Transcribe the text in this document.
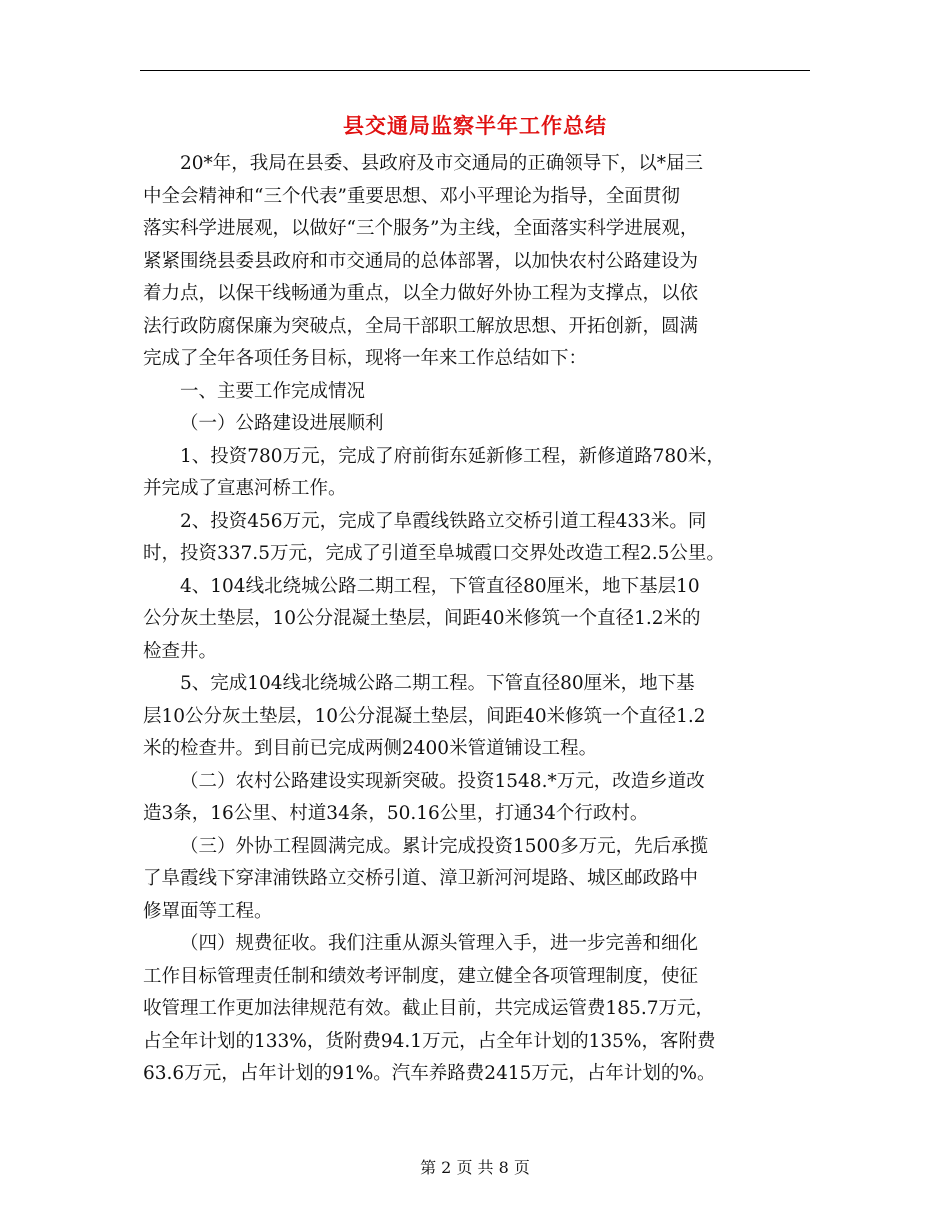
县交通局监察半年工作总结
20*年，我局在县委、县政府及市交通局的正确领导下，以*届三
中全会精神和“三个代表”重要思想、邓小平理论为指导，全面贯彻
落实科学进展观，以做好“三个服务”为主线，全面落实科学进展观，
紧紧围绕县委县政府和市交通局的总体部署，以加快农村公路建设为
着力点，以保干线畅通为重点，以全力做好外协工程为支撑点，以依
法行政防腐保廉为突破点，全局干部职工解放思想、开拓创新，圆满
完成了全年各项任务目标，现将一年来工作总结如下：
一、主要工作完成情况
（一）公路建设进展顺利
1、投资780万元，完成了府前街东延新修工程，新修道路780米，
并完成了宣惠河桥工作。
2、投资456万元，完成了阜霞线铁路立交桥引道工程433米。同
时，投资337.5万元，完成了引道至阜城霞口交界处改造工程2.5公里。
4、104线北绕城公路二期工程，下管直径80厘米，地下基层10
公分灰土垫层，10公分混凝土垫层，间距40米修筑一个直径1.2米的
检查井。
5、完成104线北绕城公路二期工程。下管直径80厘米，地下基
层10公分灰土垫层，10公分混凝土垫层，间距40米修筑一个直径1.2
米的检查井。到目前已完成两侧2400米管道铺设工程。
（二）农村公路建设实现新突破。投资1548.*万元，改造乡道改
造3条，16公里、村道34条，50.16公里，打通34个行政村。
（三）外协工程圆满完成。累计完成投资1500多万元，先后承揽
了阜霞线下穿津浦铁路立交桥引道、漳卫新河河堤路、城区邮政路中
修罩面等工程。
（四）规费征收。我们注重从源头管理入手，进一步完善和细化
工作目标管理责任制和绩效考评制度，建立健全各项管理制度，使征
收管理工作更加法律规范有效。截止目前，共完成运管费185.7万元，
占全年计划的133%，货附费94.1万元，占全年计划的135%，客附费
63.6万元，占年计划的91%。汽车养路费2415万元，占年计划的%。
第 2 页 共 8 页
